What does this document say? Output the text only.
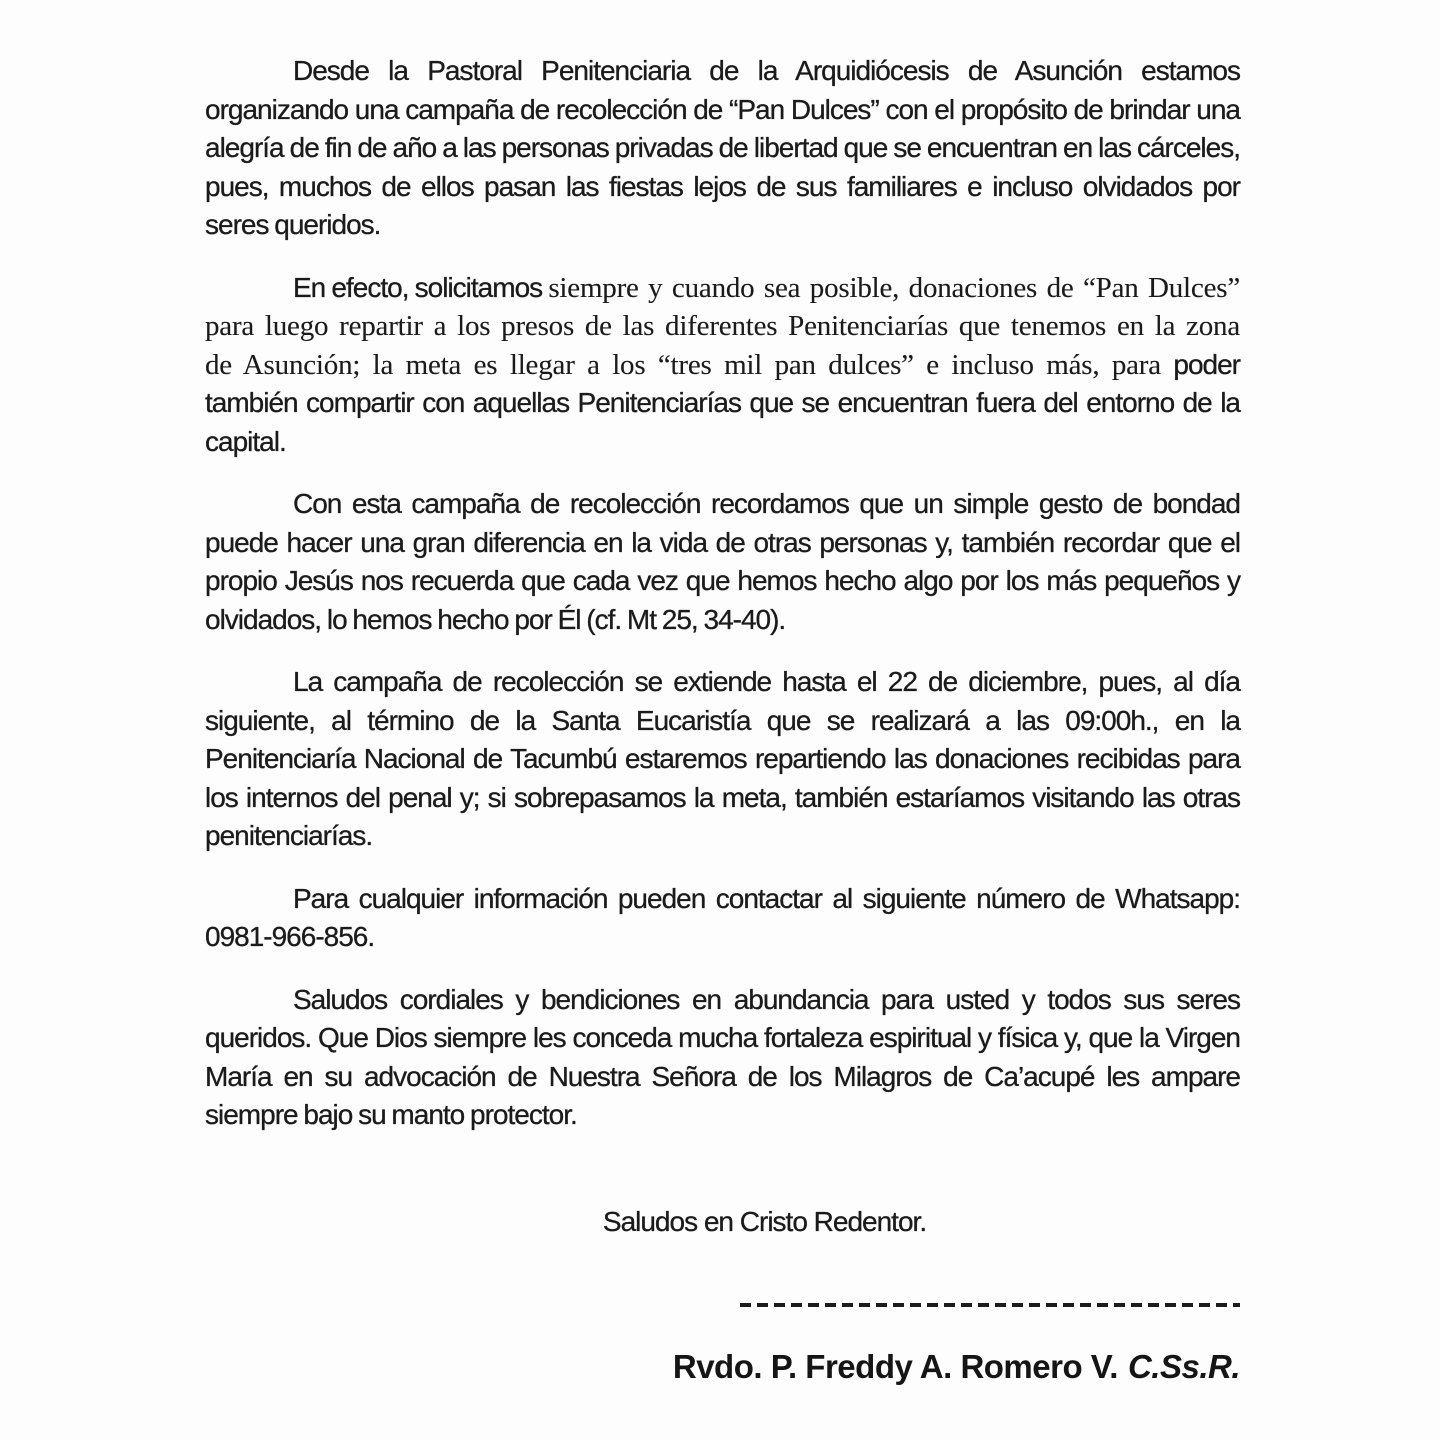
Desde la Pastoral Penitenciaria de la Arquidiócesis de Asunción estamos organizando una campaña de recolección de “Pan Dulces” con el propósito de brindar una alegría de fin de año a las personas privadas de libertad que se encuentran en las cárceles, pues, muchos de ellos pasan las fiestas lejos de sus familiares e incluso olvidados por seres queridos.

En efecto, solicitamos siempre y cuando sea posible, donaciones de “Pan Dulces” para luego repartir a los presos de las diferentes Penitenciarías que tenemos en la zona de Asunción; la meta es llegar a los “tres mil pan dulces” e incluso más, para poder también compartir con aquellas Penitenciarías que se encuentran fuera del entorno de la capital.

Con esta campaña de recolección recordamos que un simple gesto de bondad puede hacer una gran diferencia en la vida de otras personas y, también recordar que el propio Jesús nos recuerda que cada vez que hemos hecho algo por los más pequeños y olvidados, lo hemos hecho por Él (cf. Mt 25, 34-40).

La campaña de recolección se extiende hasta el 22 de diciembre, pues, al día siguiente, al término de la Santa Eucaristía que se realizará a las 09:00h., en la Penitenciaría Nacional de Tacumbú estaremos repartiendo las donaciones recibidas para los internos del penal y; si sobrepasamos la meta, también estaríamos visitando las otras penitenciarías.

Para cualquier información pueden contactar al siguiente número de Whatsapp: 0981-966-856.

Saludos cordiales y bendiciones en abundancia para usted y todos sus seres queridos. Que Dios siempre les conceda mucha fortaleza espiritual y física y, que la Virgen María en su advocación de Nuestra Señora de los Milagros de Ca’acupé les ampare siempre bajo su manto protector.

Saludos en Cristo Redentor.
Rvdo. P. Freddy A. Romero V. C.Ss.R.
